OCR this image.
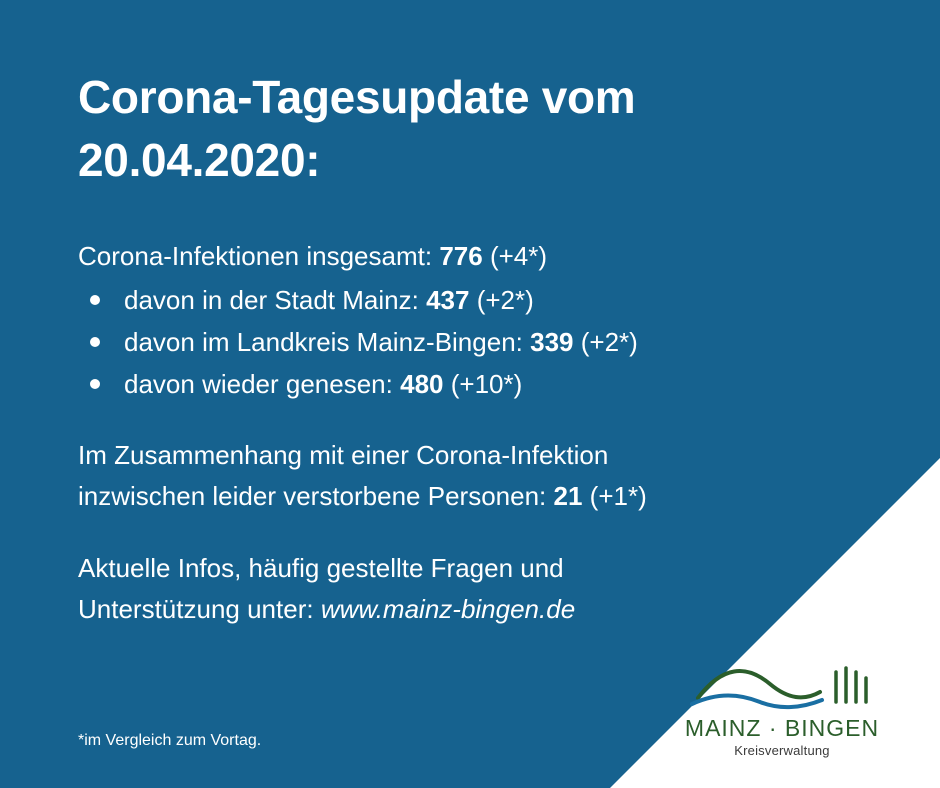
Corona-Tagesupdate vom 20.04.2020:
Corona-Infektionen insgesamt: 776 (+4*)
davon in der Stadt Mainz: 437 (+2*)
davon im Landkreis Mainz-Bingen: 339 (+2*)
davon wieder genesen: 480 (+10*)
Im Zusammenhang mit einer Corona-Infektion
inzwischen leider verstorbene Personen: 21 (+1*)
Aktuelle Infos, häufig gestellte Fragen und
Unterstützung unter: www.mainz-bingen.de
*im Vergleich zum Vortag.	MAINZ · BINGEN
Kreisverwaltung
